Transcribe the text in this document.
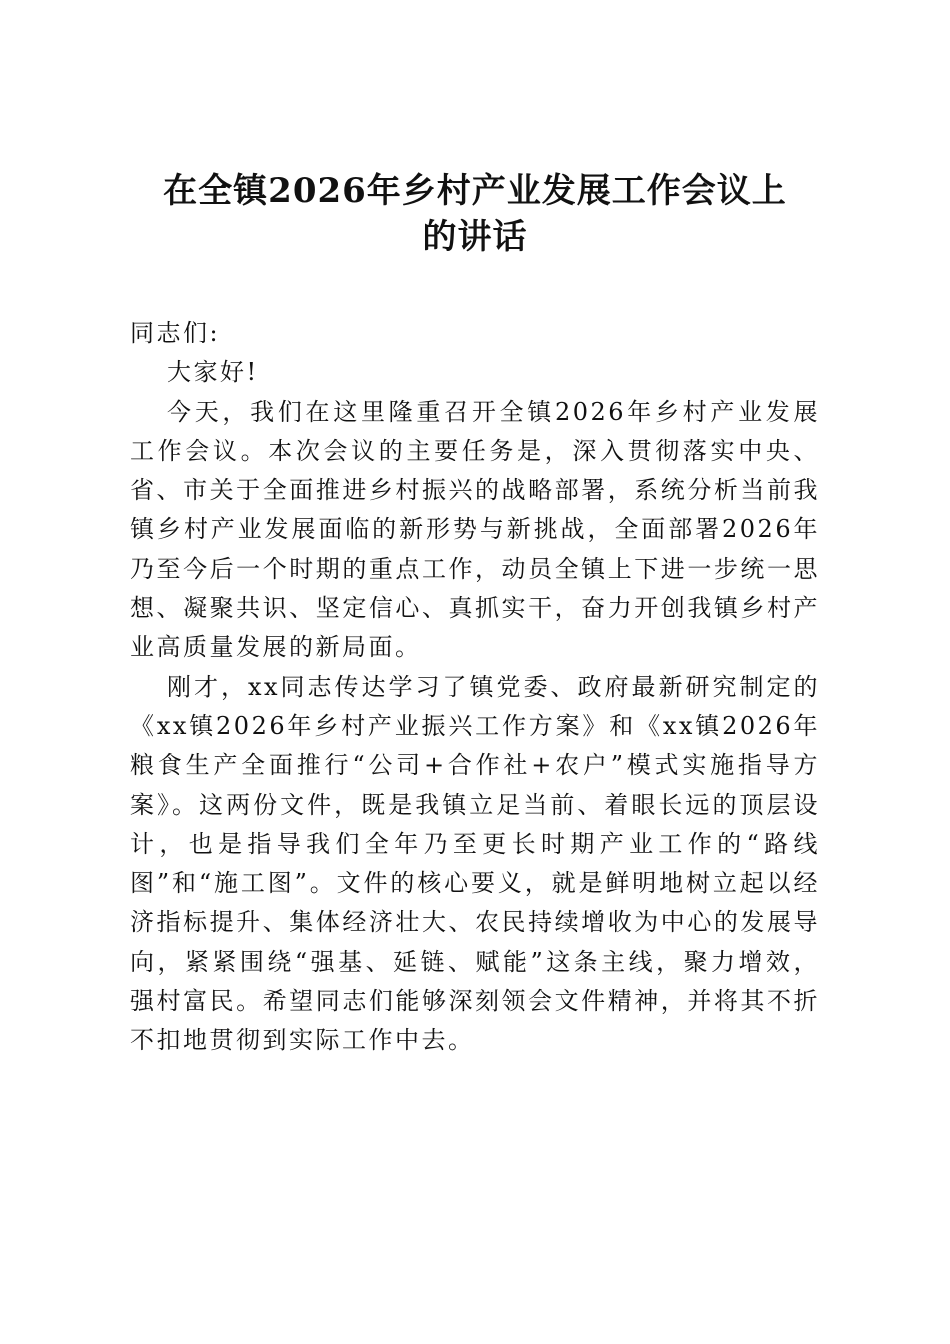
在全镇2026年乡村产业发展工作会议上
的讲话

同志们:

大家好!

今天，我们在这里隆重召开全镇2026年乡村产业发展工作会议。本次会议的主要任务是，深入贯彻落实中央、省、市关于全面推进乡村振兴的战略部署，系统分析当前我镇乡村产业发展面临的新形势与新挑战，全面部署2026年乃至今后一个时期的重点工作，动员全镇上下进一步统一思想、凝聚共识、坚定信心、真抓实干，奋力开创我镇乡村产业高质量发展的新局面。

刚才，xx同志传达学习了镇党委、政府最新研究制定的《xx镇2026年乡村产业振兴工作方案》和《xx镇2026年粮食生产全面推行“公司+合作社+农户”模式实施指导方案》。这两份文件，既是我镇立足当前、着眼长远的顶层设计，也是指导我们全年乃至更长时期产业工作的“路线图”和“施工图”。文件的核心要义，就是鲜明地树立起以经济指标提升、集体经济壮大、农民持续增收为中心的发展导向，紧紧围绕“强基、延链、赋能”这条主线，聚力增效，强村富民。希望同志们能够深刻领会文件精神，并将其不折不扣地贯彻到实际工作中去。
